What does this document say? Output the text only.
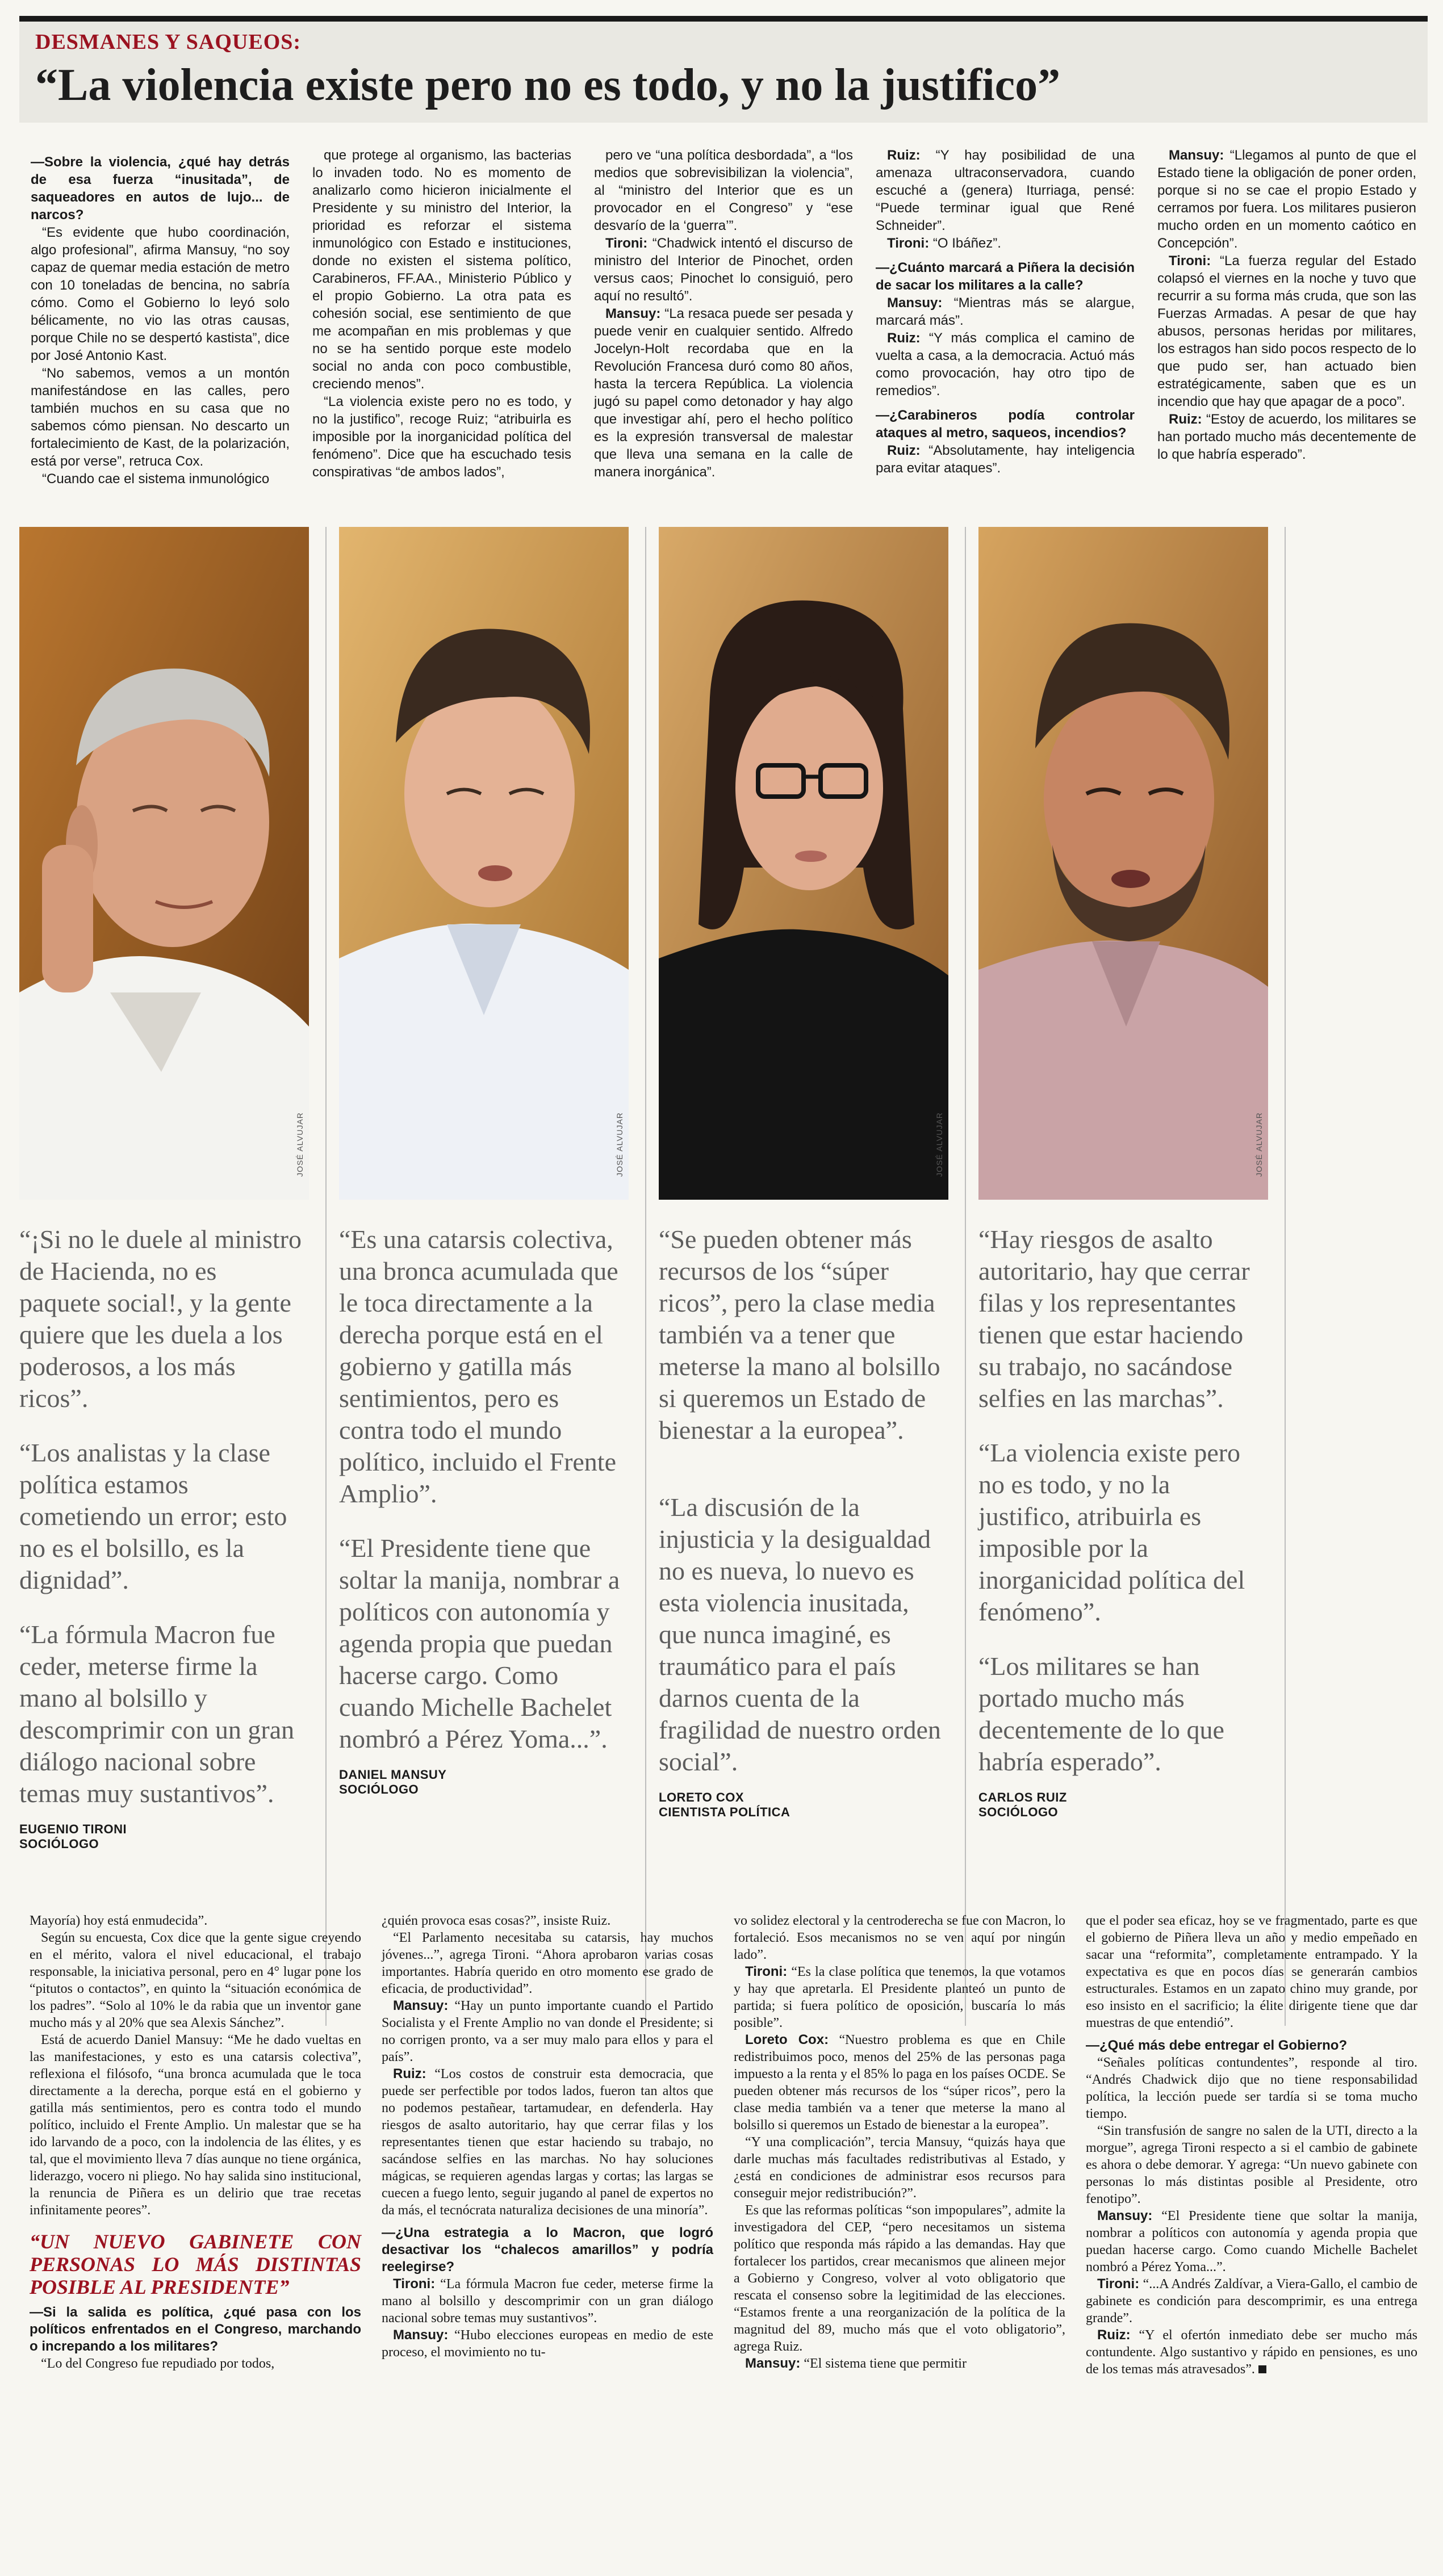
DESMANES Y SAQUEOS:
“La violencia existe pero no es todo, y no la justifico”

—Sobre la violencia, ¿qué hay detrás de esa fuerza “inusitada”, de saqueadores en autos de lujo... de narcos?

“Es evidente que hubo coordinación, algo profesional”, afirma Mansuy, “no soy capaz de quemar media estación de metro con 10 toneladas de bencina, no sabría cómo. Como el Gobierno lo leyó solo bélicamente, no vio las otras causas, porque Chile no se despertó kastista”, dice por José Antonio Kast.

“No sabemos, vemos a un montón manifestándose en las calles, pero también muchos en su casa que no sabemos cómo piensan. No descarto un fortalecimiento de Kast, de la polarización, está por verse”, retruca Cox.

“Cuando cae el sistema inmunológico

que protege al organismo, las bacterias lo invaden todo. No es momento de analizarlo como hicieron inicialmente el Presidente y su ministro del Interior, la prioridad es reforzar el sistema inmunológico con Estado e instituciones, donde no existen el sistema político, Carabineros, FF.AA., Ministerio Público y el propio Gobierno. La otra pata es cohesión social, ese sentimiento de que me acompañan en mis problemas y que no se ha sentido porque este modelo social no anda con poco combustible, creciendo menos”.

“La violencia existe pero no es todo, y no la justifico”, recoge Ruiz; “atribuirla es imposible por la inorganicidad política del fenómeno”. Dice que ha escuchado tesis conspirativas “de ambos lados”,

pero ve “una política desbordada”, a “los medios que sobrevisibilizan la violencia”, al “ministro del Interior que es un provocador en el Congreso” y “ese desvarío de la ‘guerra’”.

Tironi: “Chadwick intentó el discurso de ministro del Interior de Pinochet, orden versus caos; Pinochet lo consiguió, pero aquí no resultó”.

Mansuy: “La resaca puede ser pesada y puede venir en cualquier sentido. Alfredo Jocelyn-Holt recordaba que en la Revolución Francesa duró como 80 años, hasta la tercera República. La violencia jugó su papel como detonador y hay algo que investigar ahí, pero el hecho político es la expresión transversal de malestar que lleva una semana en la calle de manera inorgánica”.

Ruiz: “Y hay posibilidad de una amenaza ultraconservadora, cuando escuché a (genera) Iturriaga, pensé: “Puede terminar igual que René Schneider”.

Tironi: “O Ibáñez”.

—¿Cuánto marcará a Piñera la decisión de sacar los militares a la calle?

Mansuy: “Mientras más se alargue, marcará más”.

Ruiz: “Y más complica el camino de vuelta a casa, a la democracia. Actuó más como provocación, hay otro tipo de remedios”.

—¿Carabineros podía controlar ataques al metro, saqueos, incendios?

Ruiz: “Absolutamente, hay inteligencia para evitar ataques”.

Mansuy: “Llegamos al punto de que el Estado tiene la obligación de poner orden, porque si no se cae el propio Estado y cerramos por fuera. Los militares pusieron mucho orden en un momento caótico en Concepción”.

Tironi: “La fuerza regular del Estado colapsó el viernes en la noche y tuvo que recurrir a su forma más cruda, que son las Fuerzas Armadas. A pesar de que hay abusos, personas heridas por militares, los estragos han sido pocos respecto de lo que pudo ser, han actuado bien estratégicamente, saben que es un incendio que hay que apagar de a poco”.

Ruiz: “Estoy de acuerdo, los militares se han portado mucho más decentemente de lo que habría esperado”.

JOSÉ ALVUJAR
“¡Si no le duele al ministro de Hacienda, no es paquete social!, y la gente quiere que les duela a los poderosos, a los más ricos”.
“Los analistas y la clase política estamos cometiendo un error; esto no es el bolsillo, es la dignidad”.
“La fórmula Macron fue ceder, meterse firme la mano al bolsillo y descomprimir con un gran diálogo nacional sobre temas muy sustantivos”.
EUGENIO TIRONI
SOCIÓLOGO
JOSÉ ALVUJAR
“Es una catarsis colectiva, una bronca acumulada que le toca directamente a la derecha porque está en el gobierno y gatilla más sentimientos, pero es contra todo el mundo político, incluido el Frente Amplio”.
“El Presidente tiene que soltar la manija, nombrar a políticos con autonomía y agenda propia que puedan hacerse cargo. Como cuando Michelle Bachelet nombró a Pérez Yoma...”.
DANIEL MANSUY
SOCIÓLOGO
JOSÉ ALVUJAR
“Se pueden obtener más recursos de los “súper ricos”, pero la clase media también va a tener que meterse la mano al bolsillo si queremos un Estado de bienestar a la europea”.
“La discusión de la injusticia y la desigualdad no es nueva, lo nuevo es esta violencia inusitada, que nunca imaginé, es traumático para el país darnos cuenta de la fragilidad de nuestro orden social”.
LORETO COX
CIENTISTA POLÍTICA
JOSÉ ALVUJAR
“Hay riesgos de asalto autoritario, hay que cerrar filas y los representantes tienen que estar haciendo su trabajo, no sacándose selfies en las marchas”.
“La violencia existe pero no es todo, y no la justifico, atribuirla es imposible por la inorganicidad política del fenómeno”.
“Los militares se han portado mucho más decentemente de lo que habría esperado”.
CARLOS RUIZ
SOCIÓLOGO

Mayoría) hoy está enmudecida”.

Según su encuesta, Cox dice que la gente sigue creyendo en el mérito, valora el nivel educacional, el trabajo responsable, la iniciativa personal, pero en 4° lugar pone los “pitutos o contactos”, en quinto la “situación económica de los padres”. “Solo al 10% le da rabia que un inventor gane mucho más y al 20% que sea Alexis Sánchez”.

Está de acuerdo Daniel Mansuy: “Me he dado vueltas en las manifestaciones, y esto es una catarsis colectiva”, reflexiona el filósofo, “una bronca acumulada que le toca directamente a la derecha, porque está en el gobierno y gatilla más sentimientos, pero es contra todo el mundo político, incluido el Frente Amplio. Un malestar que se ha ido larvando de a poco, con la indolencia de las élites, y es tal, que el movimiento lleva 7 días aunque no tiene orgánica, liderazgo, vocero ni pliego. No hay salida sino institucional, la renuncia de Piñera es un delirio que trae recetas infinitamente peores”.

“UN NUEVO GABINETE CON PERSONAS LO MÁS DISTINTAS POSIBLE AL PRESIDENTE”

—Si la salida es política, ¿qué pasa con los políticos enfrentados en el Congreso, marchando o increpando a los militares?

“Lo del Congreso fue repudiado por todos,

¿quién provoca esas cosas?”, insiste Ruiz.

“El Parlamento necesitaba su catarsis, hay muchos jóvenes...”, agrega Tironi. “Ahora aprobaron varias cosas importantes. Habría querido en otro momento ese grado de eficacia, de productividad”.

Mansuy: “Hay un punto importante cuando el Partido Socialista y el Frente Amplio no van donde el Presidente; si no corrigen pronto, va a ser muy malo para ellos y para el país”.

Ruiz: “Los costos de construir esta democracia, que puede ser perfectible por todos lados, fueron tan altos que no podemos pestañear, tartamudear, en defenderla. Hay riesgos de asalto autoritario, hay que cerrar filas y los representantes tienen que estar haciendo su trabajo, no sacándose selfies en las marchas. No hay soluciones mágicas, se requieren agendas largas y cortas; las largas se cuecen a fuego lento, seguir jugando al panel de expertos no da más, el tecnócrata naturaliza decisiones de una minoría”.

—¿Una estrategia a lo Macron, que logró desactivar los “chalecos amarillos” y podría reelegirse?

Tironi: “La fórmula Macron fue ceder, meterse firme la mano al bolsillo y descomprimir con un gran diálogo nacional sobre temas muy sustantivos”.

Mansuy: “Hubo elecciones europeas en medio de este proceso, el movimiento no tu-

vo solidez electoral y la centroderecha se fue con Macron, lo fortaleció. Esos mecanismos no se ven aquí por ningún lado”.

Tironi: “Es la clase política que tenemos, la que votamos y hay que apretarla. El Presidente planteó un punto de partida; si fuera político de oposición, buscaría lo más posible”.

Loreto Cox: “Nuestro problema es que en Chile redistribuimos poco, menos del 25% de las personas paga impuesto a la renta y el 85% lo paga en los países OCDE. Se pueden obtener más recursos de los “súper ricos”, pero la clase media también va a tener que meterse la mano al bolsillo si queremos un Estado de bienestar a la europea”.

“Y una complicación”, tercia Mansuy, “quizás haya que darle muchas más facultades redistributivas al Estado, y ¿está en condiciones de administrar esos recursos para conseguir mejor redistribución?”.

Es que las reformas políticas “son impopulares”, admite la investigadora del CEP, “pero necesitamos un sistema político que responda más rápido a las demandas. Hay que fortalecer los partidos, crear mecanismos que alineen mejor a Gobierno y Congreso, volver al voto obligatorio que rescata el consenso sobre la legitimidad de las elecciones. “Estamos frente a una reorganización de la política de la magnitud del 89, mucho más que el voto obligatorio”, agrega Ruiz.

Mansuy: “El sistema tiene que permitir

que el poder sea eficaz, hoy se ve fragmentado, parte es que el gobierno de Piñera lleva un año y medio empeñado en sacar una “reformita”, completamente entrampado. Y la expectativa es que en pocos días se generarán cambios estructurales. Estamos en un zapato chino muy grande, por eso insisto en el sacrificio; la élite dirigente tiene que dar muestras de que entendió”.

—¿Qué más debe entregar el Gobierno?

“Señales políticas contundentes”, responde al tiro. “Andrés Chadwick dijo que no tiene responsabilidad política, la lección puede ser tardía si se toma mucho tiempo.

“Sin transfusión de sangre no salen de la UTI, directo a la morgue”, agrega Tironi respecto a si el cambio de gabinete es ahora o debe demorar. Y agrega: “Un nuevo gabinete con personas lo más distintas posible al Presidente, otro fenotipo”.

Mansuy: “El Presidente tiene que soltar la manija, nombrar a políticos con autonomía y agenda propia que puedan hacerse cargo. Como cuando Michelle Bachelet nombró a Pérez Yoma...”.

Tironi: “...A Andrés Zaldívar, a Viera-Gallo, el cambio de gabinete es condición para descomprimir, es una entrega grande”.

Ruiz: “Y el ofertón inmediato debe ser mucho más contundente. Algo sustantivo y rápido en pensiones, es uno de los temas más atravesados”.
